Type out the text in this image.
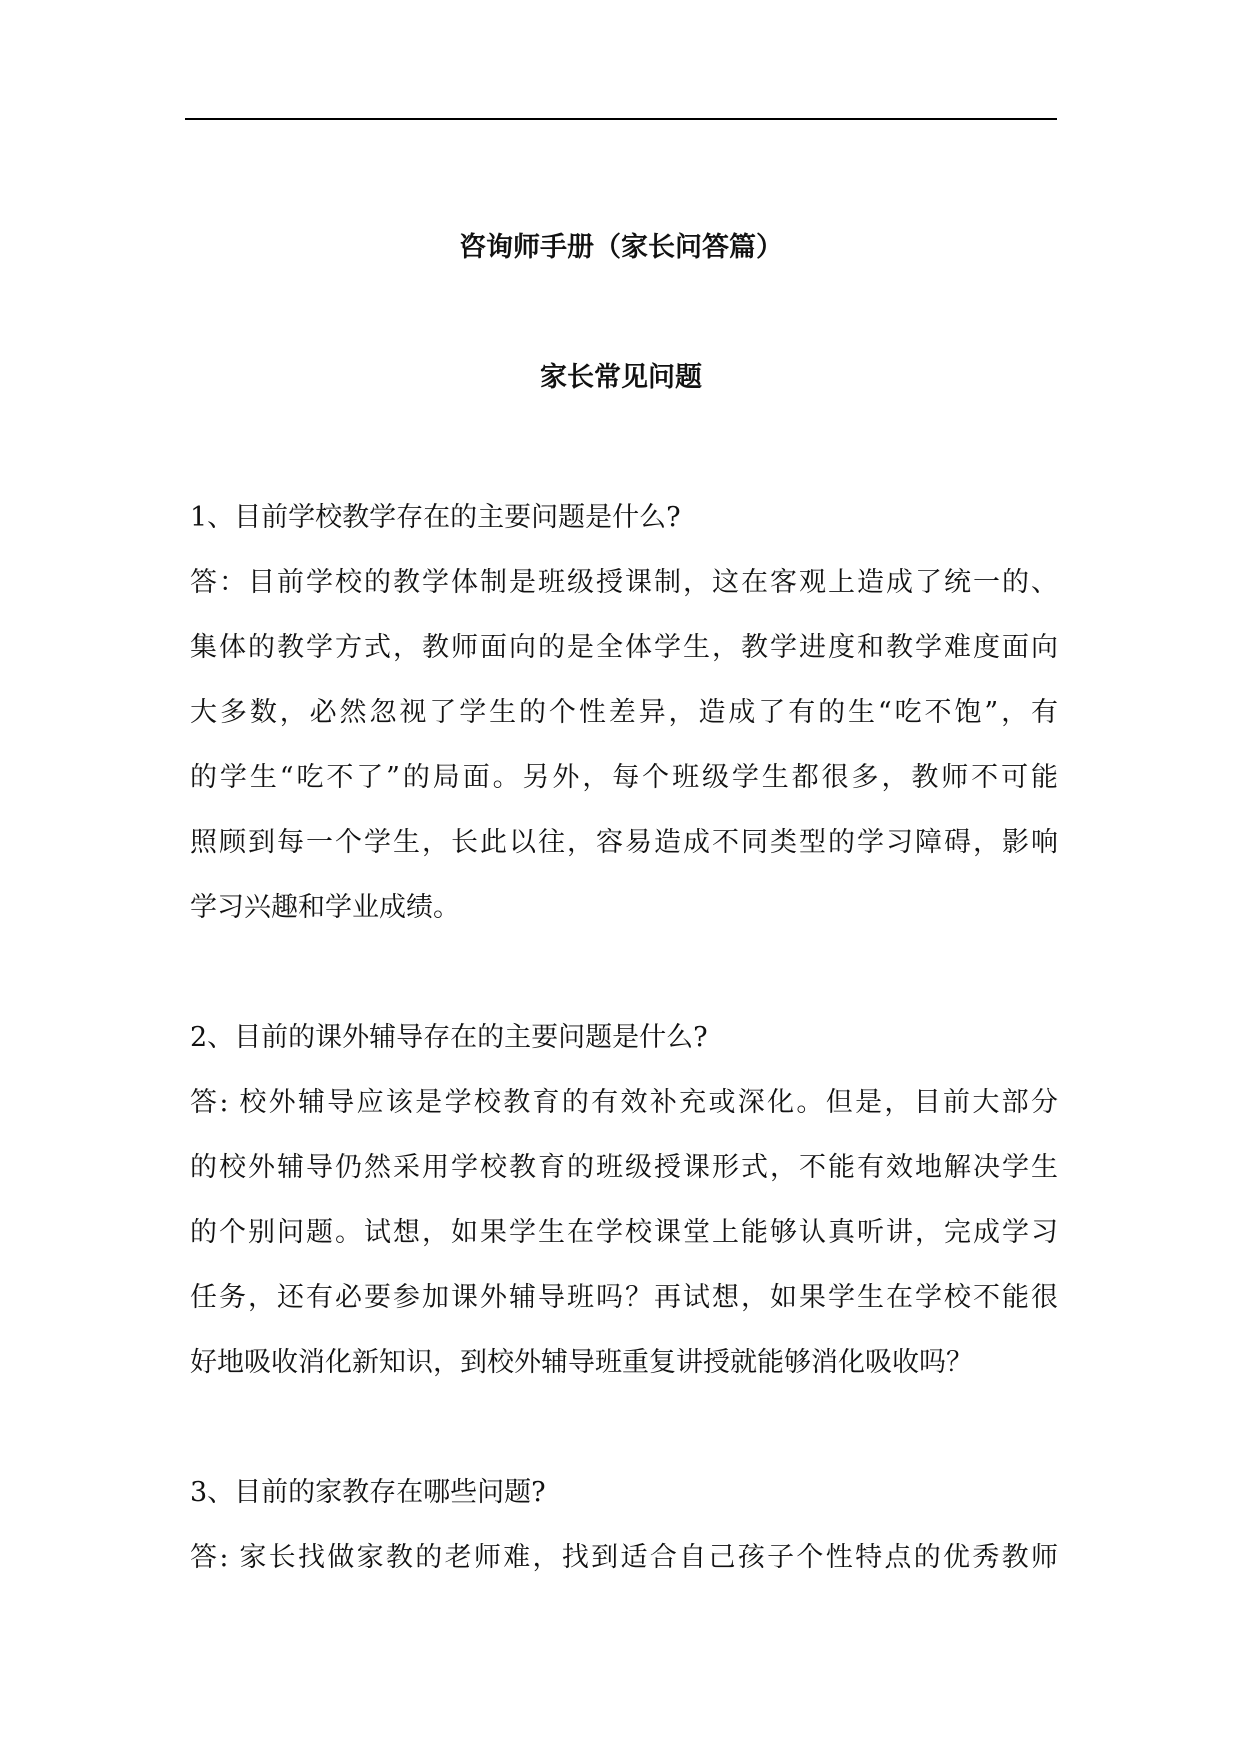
咨询师手册（家长问答篇）
家长常见问题

1、目前学校教学存在的主要问题是什么?

答：目前学校的教学体制是班级授课制，这在客观上造成了统一的、
集体的教学方式，教师面向的是全体学生，教学进度和教学难度面向
大多数，必然忽视了学生的个性差异，造成了有的生“吃不饱”，有
的学生“吃不了”的局面。另外，每个班级学生都很多，教师不可能
照顾到每一个学生，长此以往，容易造成不同类型的学习障碍，影响
学习兴趣和学业成绩。

2、目前的课外辅导存在的主要问题是什么?

答: 校外辅导应该是学校教育的有效补充或深化。但是，目前大部分
的校外辅导仍然采用学校教育的班级授课形式，不能有效地解决学生
的个别问题。试想，如果学生在学校课堂上能够认真听讲，完成学习
任务，还有必要参加课外辅导班吗？再试想，如果学生在学校不能很
好地吸收消化新知识，到校外辅导班重复讲授就能够消化吸收吗？

3、目前的家教存在哪些问题?

答: 家长找做家教的老师难，找到适合自己孩子个性特点的优秀教师
